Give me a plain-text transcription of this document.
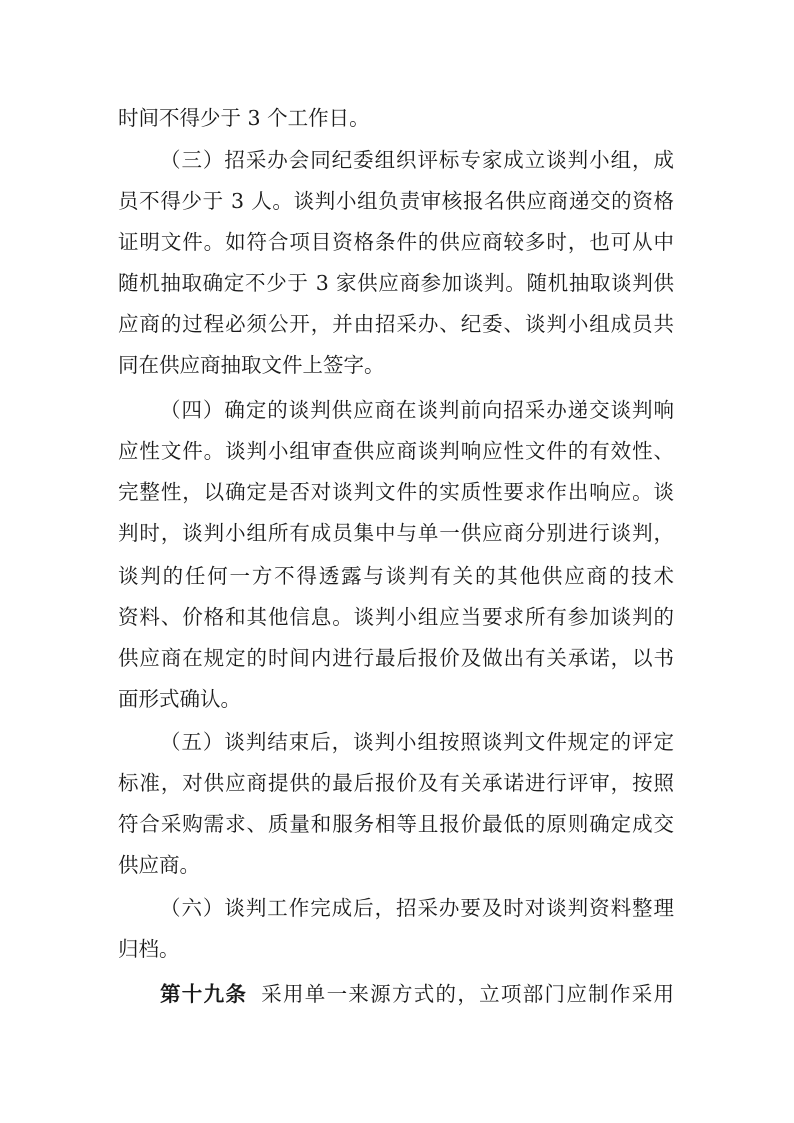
时间不得少于 3 个工作日。
（三）招采办会同纪委组织评标专家成立谈判小组，成
员不得少于 3 人。谈判小组负责审核报名供应商递交的资格
证明文件。如符合项目资格条件的供应商较多时，也可从中
随机抽取确定不少于 3 家供应商参加谈判。随机抽取谈判供
应商的过程必须公开，并由招采办、纪委、谈判小组成员共
同在供应商抽取文件上签字。
（四）确定的谈判供应商在谈判前向招采办递交谈判响
应性文件。谈判小组审查供应商谈判响应性文件的有效性、
完整性，以确定是否对谈判文件的实质性要求作出响应。谈
判时，谈判小组所有成员集中与单一供应商分别进行谈判，
谈判的任何一方不得透露与谈判有关的其他供应商的技术
资料、价格和其他信息。谈判小组应当要求所有参加谈判的
供应商在规定的时间内进行最后报价及做出有关承诺，以书
面形式确认。
（五）谈判结束后，谈判小组按照谈判文件规定的评定
标准，对供应商提供的最后报价及有关承诺进行评审，按照
符合采购需求、质量和服务相等且报价最低的原则确定成交
供应商。
（六）谈判工作完成后，招采办要及时对谈判资料整理
归档。
第十九条 采用单一来源方式的，立项部门应制作采用
